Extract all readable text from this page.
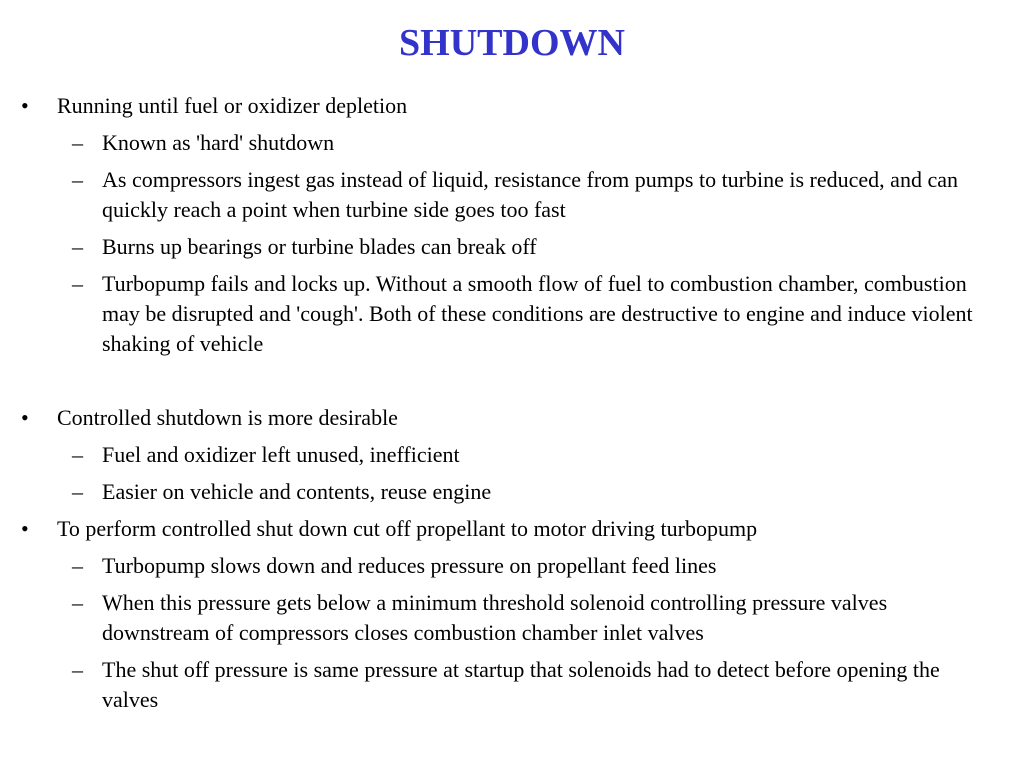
SHUTDOWN
• Running until fuel or oxidizer depletion
– Known as 'hard' shutdown
– As compressors ingest gas instead of liquid, resistance from pumps to turbine is reduced, and can quickly reach a point when turbine side goes too fast
– Burns up bearings or turbine blades can break off
– Turbopump fails and locks up. Without a smooth flow of fuel to combustion chamber, combustion may be disrupted and 'cough'. Both of these conditions are destructive to engine and induce violent shaking of vehicle
• Controlled shutdown is more desirable
– Fuel and oxidizer left unused, inefficient
– Easier on vehicle and contents, reuse engine
• To perform controlled shut down cut off propellant to motor driving turbopump
– Turbopump slows down and reduces pressure on propellant feed lines
– When this pressure gets below a minimum threshold solenoid controlling pressure valves downstream of compressors closes combustion chamber inlet valves
– The shut off pressure is same pressure at startup that solenoids had to detect before opening the valves
